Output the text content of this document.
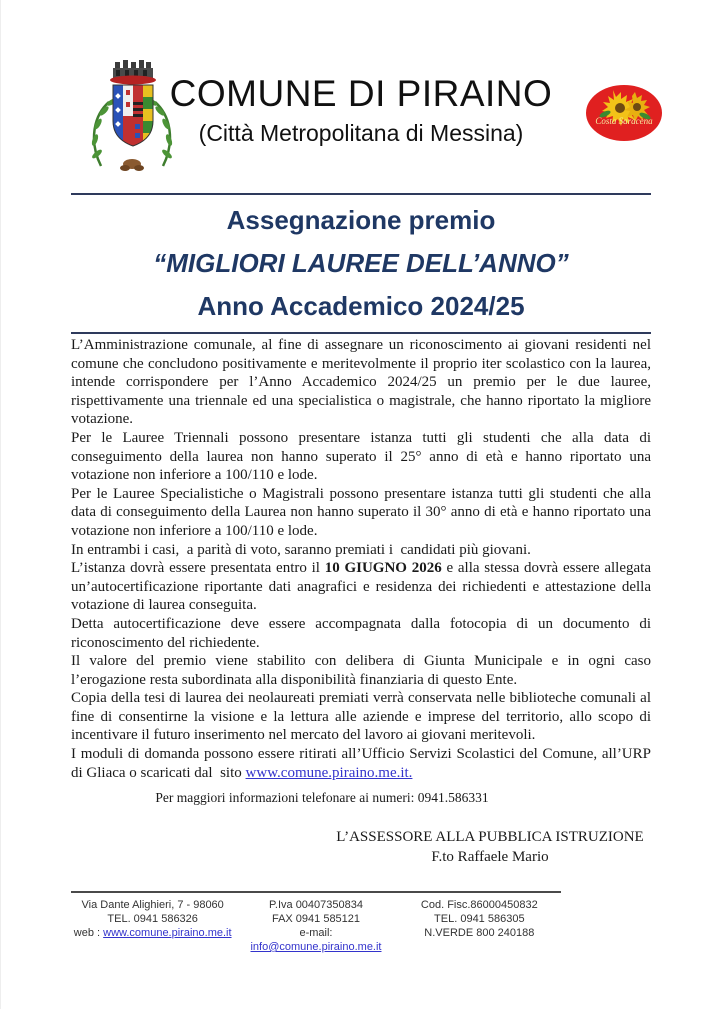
COMUNE DI PIRAINO
(Città Metropolitana di Messina)	Costa Saracena
Assegnazione premio
“MIGLIORI LAUREE DELL’ANNO”
Anno Accademico 2024/25

L’Amministrazione comunale, al fine di assegnare un riconoscimento ai giovani residenti nel comune che concludono positivamente e meritevolmente il proprio iter scolastico con la laurea, intende corrispondere per l’Anno Accademico 2024/25 un premio per le due lauree, rispettivamente una triennale ed una specialistica o magistrale, che hanno riportato la migliore votazione.

Per le Lauree Triennali possono presentare istanza tutti gli studenti che alla data di conseguimento della laurea non hanno superato il 25° anno di età e hanno riportato una votazione non inferiore a 100/110 e lode.

Per le Lauree Specialistiche o Magistrali possono presentare istanza tutti gli studenti che alla data di conseguimento della Laurea non hanno superato il 30° anno di età e hanno riportato una votazione non inferiore a 100/110 e lode.

In entrambi i casi,  a parità di voto, saranno premiati i  candidati più giovani.

L’istanza dovrà essere presentata entro il 10 GIUGNO 2026 e alla stessa dovrà essere allegata un’autocertificazione riportante dati anagrafici e residenza dei richiedenti e attestazione della votazione di laurea conseguita.

Detta autocertificazione deve essere accompagnata dalla fotocopia di un documento di riconoscimento del richiedente.

Il valore del premio viene stabilito con delibera di Giunta Municipale e in ogni caso l’erogazione resta subordinata alla disponibilità finanziaria di questo Ente.

Copia della tesi di laurea dei neolaureati premiati verrà conservata nelle biblioteche comunali al fine di consentirne la visione e la lettura alle aziende e imprese del territorio, allo scopo di incentivare il futuro inserimento nel mercato del lavoro ai giovani meritevoli.

I moduli di domanda possono essere ritirati all’Ufficio Servizi Scolastici del Comune, all’URP di Gliaca o scaricati dal  sito www.comune.piraino.me.it.

Per maggiori informazioni telefonare ai numeri: 0941.586331
L’ASSESSORE ALLA PUBBLICA ISTRUZIONE
F.to Raffaele Mario
Via Dante Alighieri, 7 - 98060
TEL. 0941 586326
web : www.comune.piraino.me.it
P.Iva 00407350834
FAX 0941 585121
e-mail: info@comune.piraino.me.it
Cod. Fisc.86000450832
TEL. 0941 586305
N.VERDE 800 240188
